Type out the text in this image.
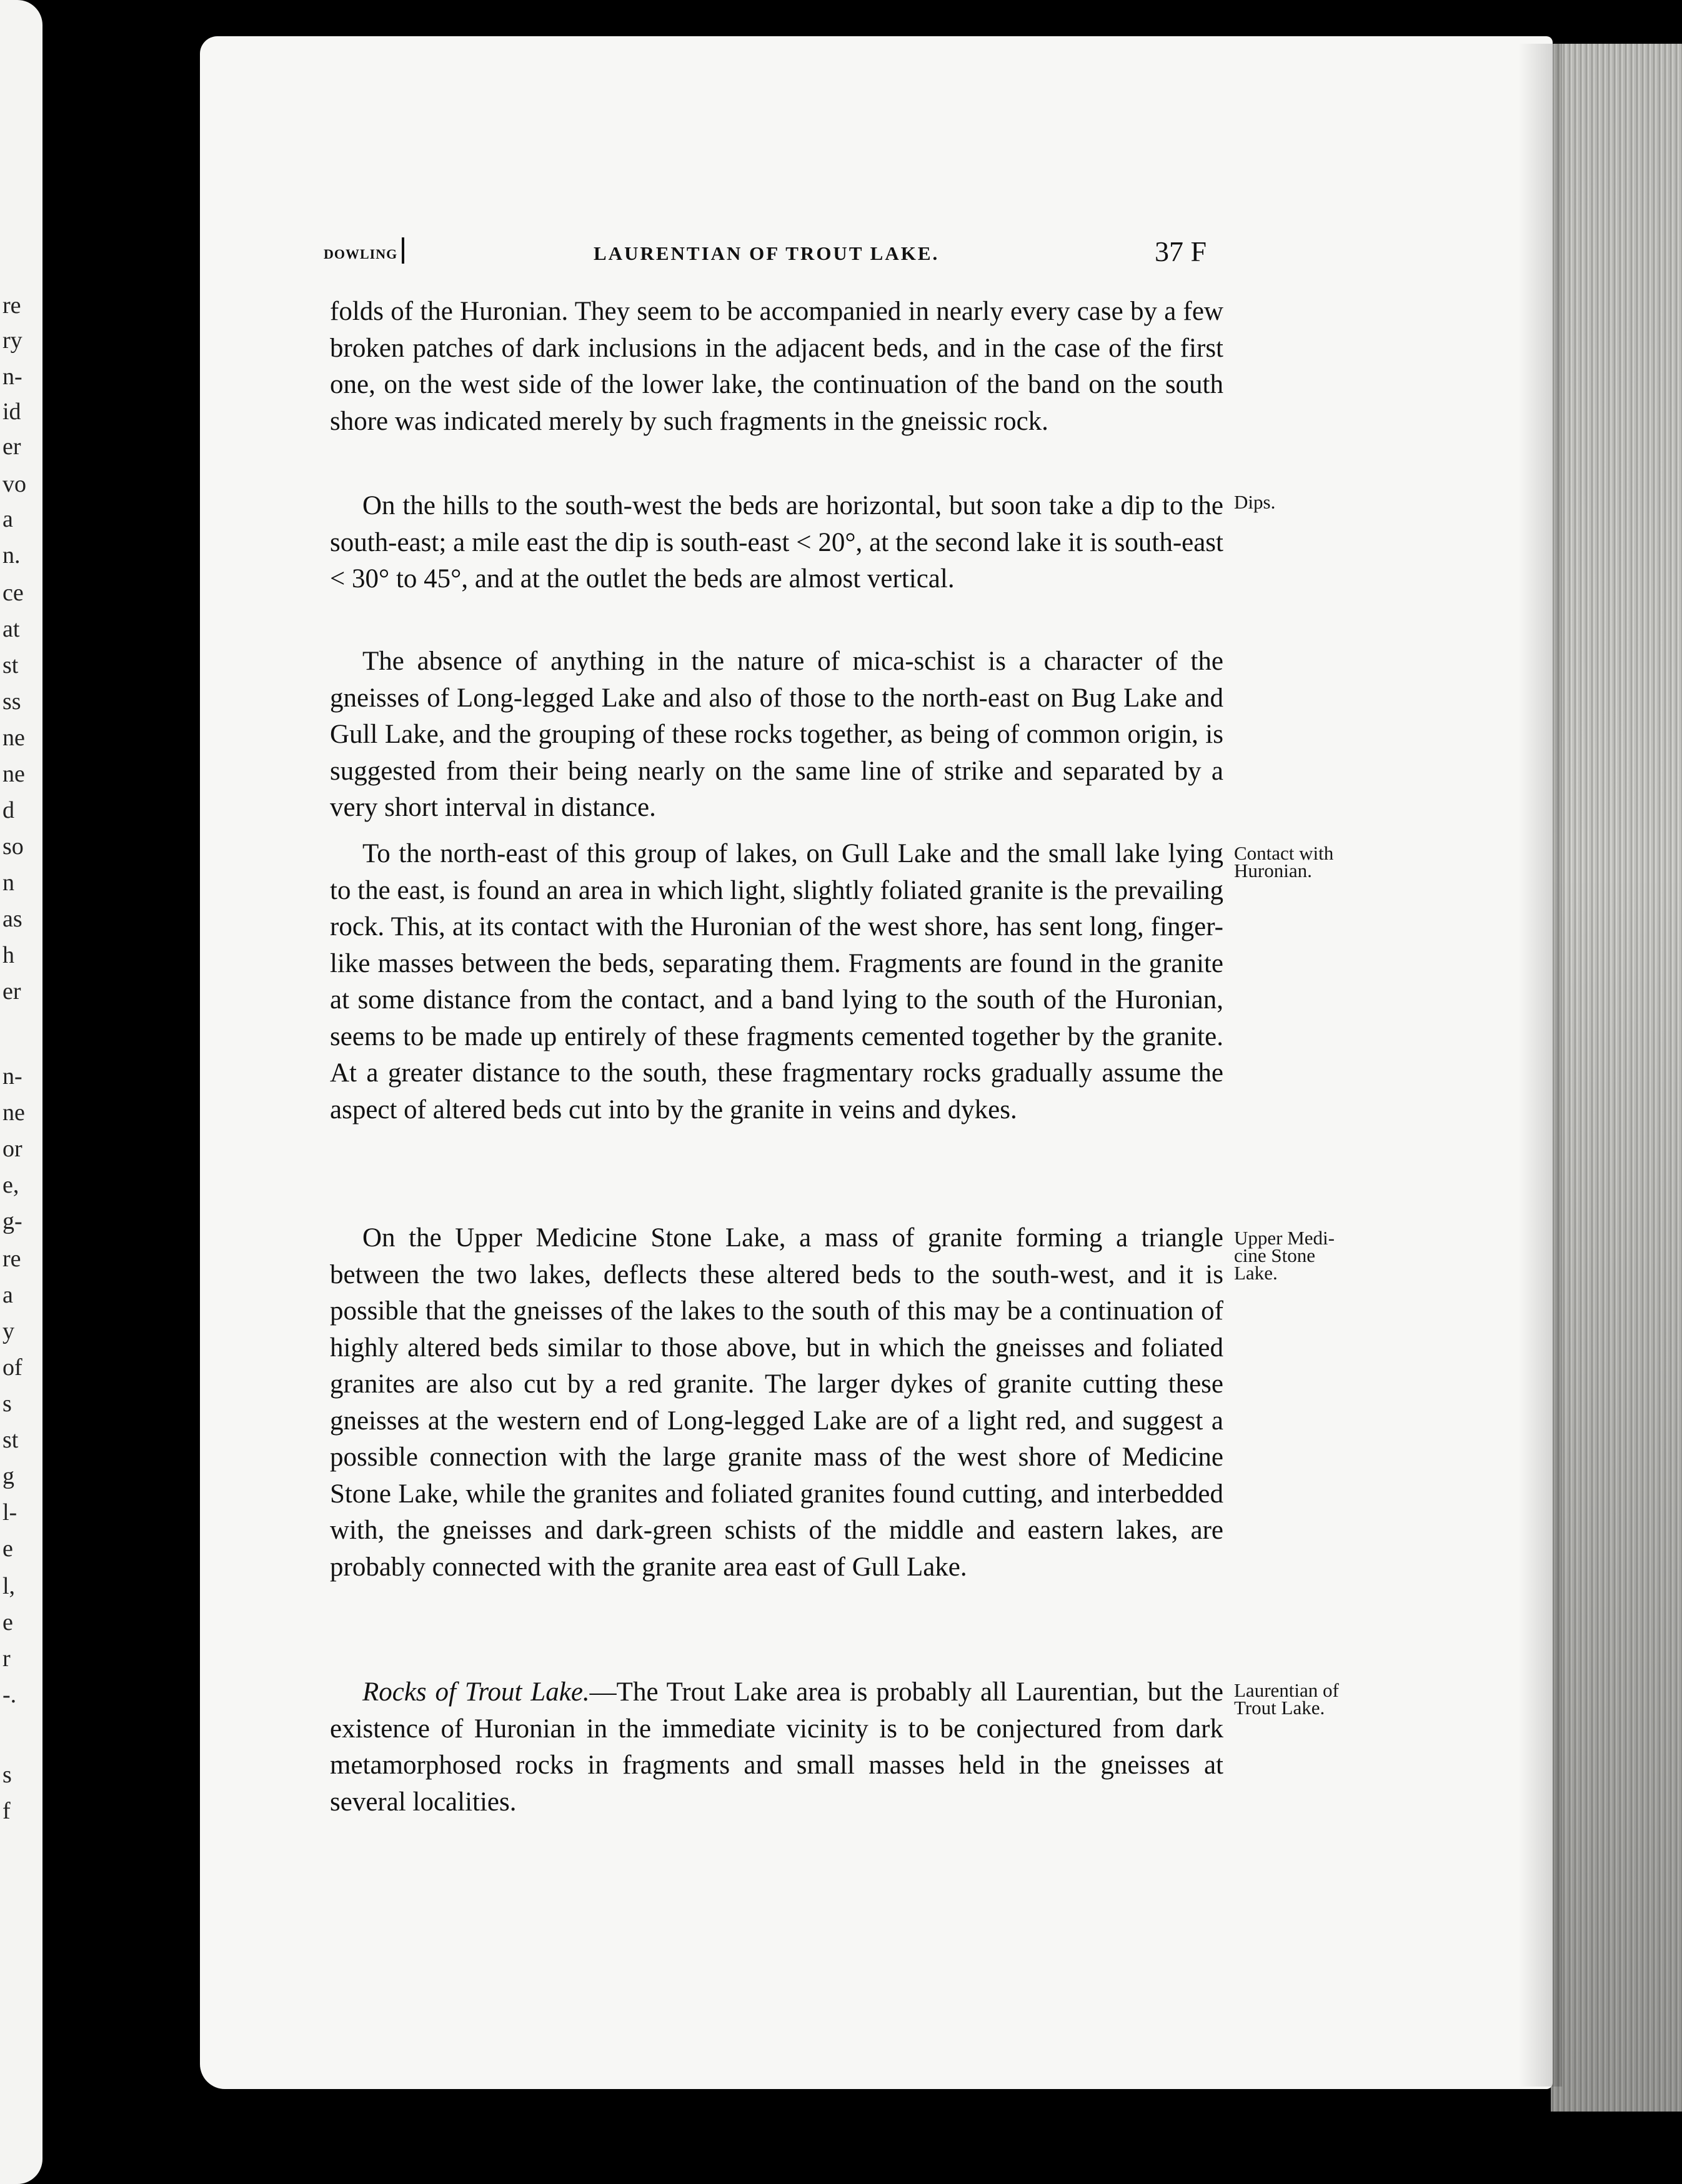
re
ry
n-
id
er
vo
a
n.
ce
at
st
ss
ne
ne
d
so
n
as
h
er
n-
ne
or
e,
g-
re
a
y
of
s
st
g
l-
e
l,
e
r
-.
s
f
DOWLING	LAURENTIAN OF TROUT LAKE.	37 F

folds of the Huronian. They seem to be accompanied in nearly every case by a few broken patches of dark inclusions in the adjacent beds, and in the case of the first one, on the west side of the lower lake, the continuation of the band on the south shore was indicated merely by such fragments in the gneissic rock.

On the hills to the south-west the beds are horizontal, but soon take a dip to the south-east; a mile east the dip is south-east < 20°, at the second lake it is south-east < 30° to 45°, and at the outlet the beds are almost vertical.

The absence of anything in the nature of mica-schist is a character of the gneisses of Long-legged Lake and also of those to the north-east on Bug Lake and Gull Lake, and the grouping of these rocks together, as being of common origin, is suggested from their being nearly on the same line of strike and separated by a very short interval in distance.

To the north-east of this group of lakes, on Gull Lake and the small lake lying to the east, is found an area in which light, slightly foliated granite is the prevailing rock. This, at its contact with the Huronian of the west shore, has sent long, finger-like masses between the beds, separating them. Fragments are found in the granite at some distance from the contact, and a band lying to the south of the Huronian, seems to be made up entirely of these fragments cemented together by the granite. At a greater distance to the south, these fragmentary rocks gradually assume the aspect of altered beds cut into by the granite in veins and dykes.

On the Upper Medicine Stone Lake, a mass of granite forming a triangle between the two lakes, deflects these altered beds to the south-west, and it is possible that the gneisses of the lakes to the south of this may be a continuation of highly altered beds similar to those above, but in which the gneisses and foliated granites are also cut by a red granite. The larger dykes of granite cutting these gneisses at the western end of Long-legged Lake are of a light red, and suggest a possible connection with the large granite mass of the west shore of Medicine Stone Lake, while the granites and foliated granites found cutting, and interbedded with, the gneisses and dark-green schists of the middle and eastern lakes, are probably connected with the granite area east of Gull Lake.

Rocks of Trout Lake.—The Trout Lake area is probably all Laurentian, but the existence of Huronian in the immediate vicinity is to be conjectured from dark metamorphosed rocks in fragments and small masses held in the gneisses at several localities.

Dips.
Contact with
Huronian.
Upper Medi-
cine Stone
Lake.
Laurentian of
Trout Lake.
